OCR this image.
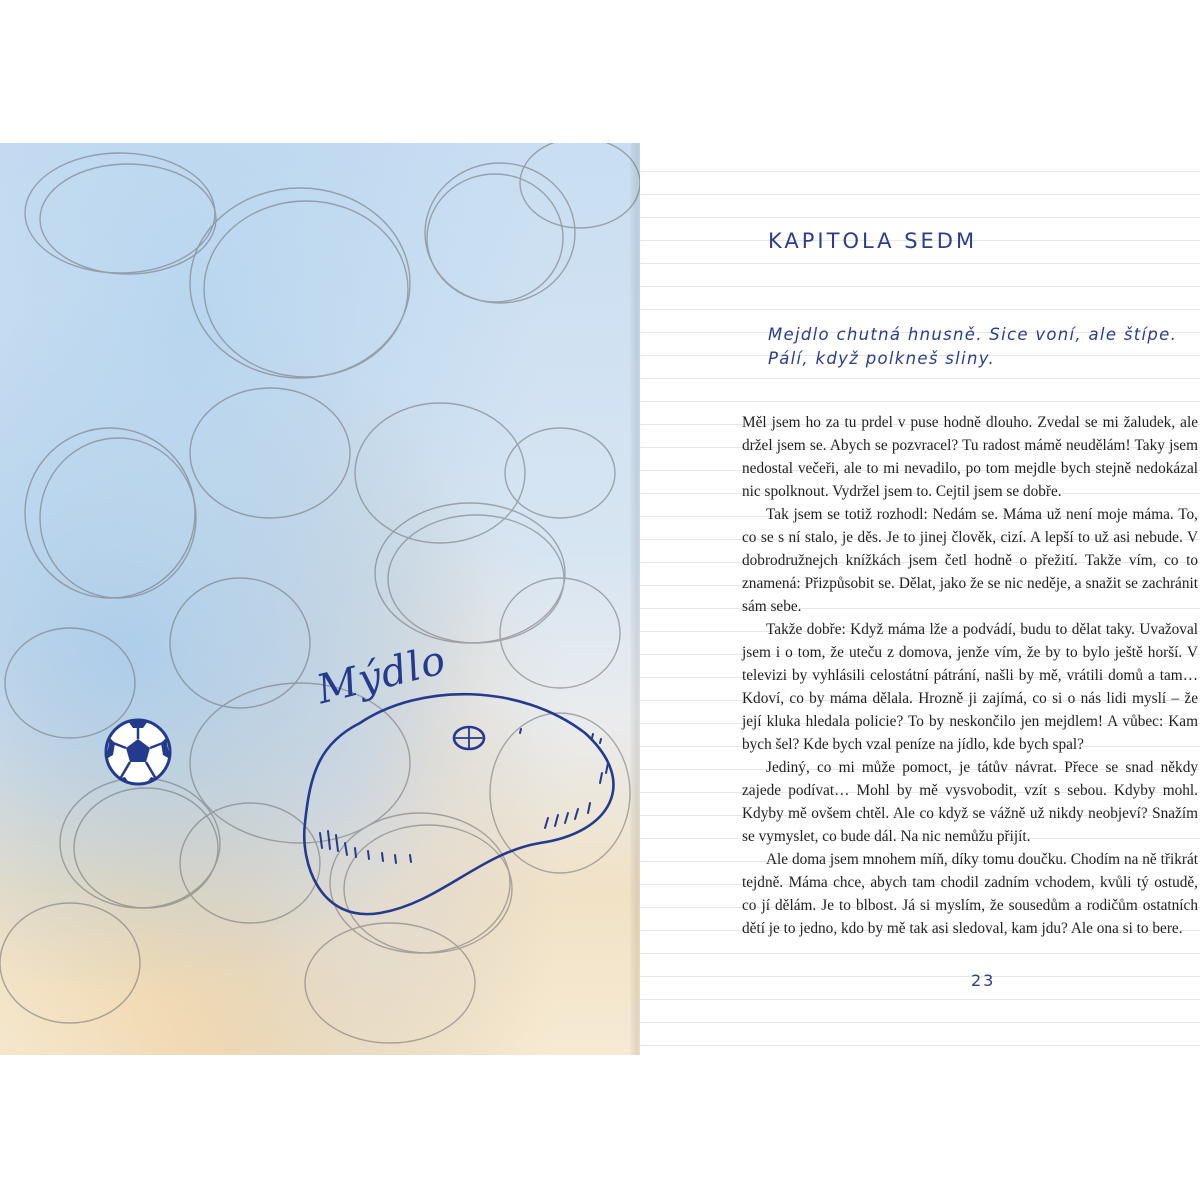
Mýdlo
KAPITOLA SEDM
Mejdlo chutná hnusně. Sice voní, ale štípe.
Pálí, když polkneš sliny.

Měl jsem ho za tu prdel v puse hodně dlouho. Zvedal se mi žaludek, ale držel jsem se. Abych se pozvracel? Tu radost mámě neudělám! Taky jsem nedostal večeři, ale to mi nevadilo, po tom mejdle bych stejně nedokázal nic spolknout. Vydržel jsem to. Cejtil jsem se dobře.

Tak jsem se totiž rozhodl: Nedám se. Máma už není moje máma. To, co se s ní stalo, je děs. Je to jinej člověk, cizí. A lepší to už asi nebude. V dobrodružnejch knížkách jsem četl hodně o přežití. Takže vím, co to znamená: Přizpůsobit se. Dělat, jako že se nic neděje, a snažit se zachránit sám sebe.

Takže dobře: Když máma lže a podvádí, budu to dělat taky. Uvažoval jsem i o tom, že uteču z domova, jenže vím, že by to bylo ještě horší. V televizi by vyhlásili celostátní pátrání, našli by mě, vrátili domů a tam… Kdoví, co by máma dělala. Hrozně ji zajímá, co si o nás lidi myslí – že její kluka hledala policie? To by neskončilo jen mejdlem! A vůbec: Kam bych šel? Kde bych vzal peníze na jídlo, kde bych spal?

Jediný, co mi může pomoct, je tátův návrat. Přece se snad někdy zajede podívat… Mohl by mě vysvobodit, vzít s sebou. Kdyby mohl. Kdyby mě ovšem chtěl. Ale co když se vážně už nikdy neobjeví? Snažím se vymyslet, co bude dál. Na nic nemůžu přijít.

Ale doma jsem mnohem míň, díky tomu doučku. Chodím na ně třikrát tejdně. Máma chce, abych tam chodil zadním vchodem, kvůli tý ostudě, co jí dělám. Je to blbost. Já si myslím, že sousedům a rodičům ostatních dětí je to jedno, kdo by mě tak asi sledoval, kam jdu? Ale ona si to bere.

23
